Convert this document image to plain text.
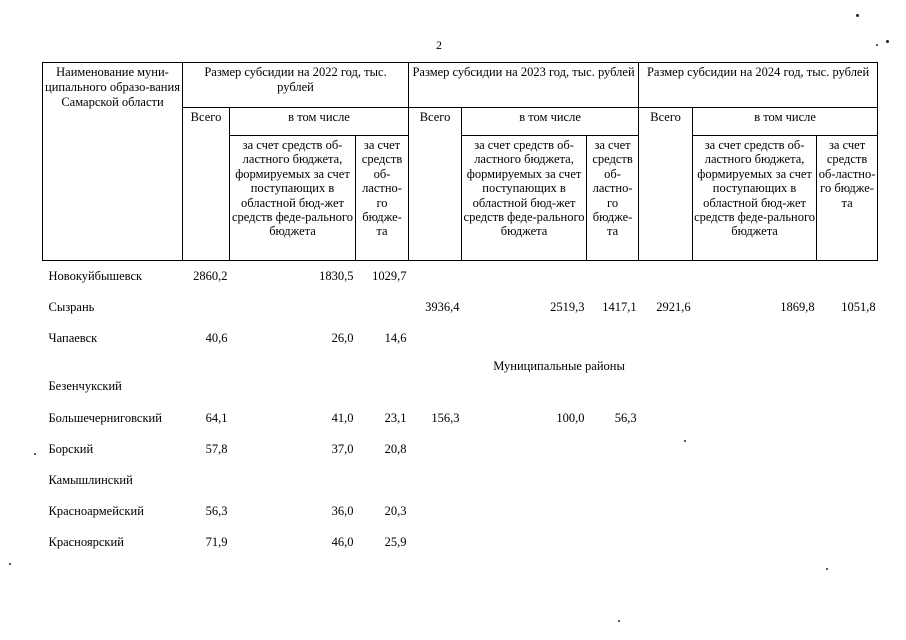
2
Наименование муни-ципального образо-вания Самарской области	Размер субсидии на 2022 год, тыс. рублей			Размер субсидии на 2023 год, тыс. рублей			Размер субсидии на 2024 год, тыс. рублей		
	Всего	в том числе		Всего	в том числе		Всего	в том числе	
		за счет средств об-ластного бюджета, формируемых за счет поступающих в областной бюд-жет средств феде-рального бюджета	за счет средств об-ластно-го бюдже-та		за счет средств об-ластного бюджета, формируемых за счет поступающих в областной бюд-жет средств феде-рального бюджета	за счет средств об-ластно-го бюдже-та		за счет средств об-ластного бюджета, формируемых за счет поступающих в областной бюд-жет средств феде-рального бюджета	за счет средств об-ластно-го бюдже-та
Новокуйбышевск	2860,2	1830,5	1029,7						
Сызрань				3936,4	2519,3	1417,1	2921,6	1869,8	1051,8
Чапаевск	40,6	26,0	14,6						
Муниципальные районы									
Безенчукский									
Большечерниговский	64,1	41,0	23,1	156,3	100,0	56,3			
Борский	57,8	37,0	20,8						
Камышлинский									
Красноармейский	56,3	36,0	20,3						
Красноярский	71,9	46,0	25,9						
